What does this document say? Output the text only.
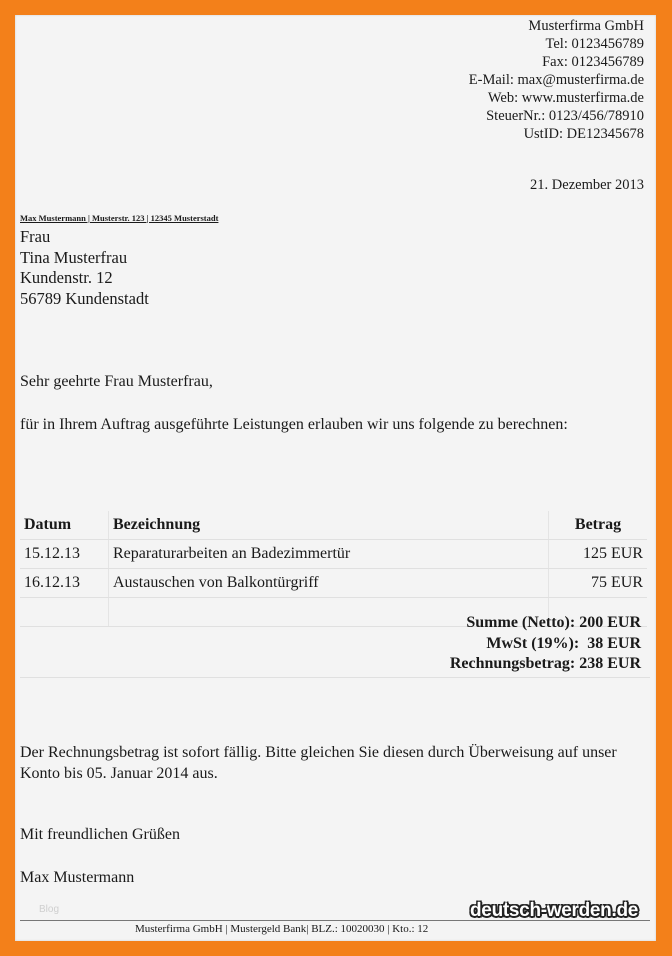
Musterfirma GmbH
Tel: 0123456789
Fax: 0123456789
E-Mail: max@musterfirma.de
Web: www.musterfirma.de
SteuerNr.: 0123/456/78910
UstID: DE12345678
21. Dezember 2013
Max Mustermann | Musterstr. 123 | 12345 Musterstadt
Frau
Tina Musterfrau
Kundenstr. 12
56789 Kundenstadt
Sehr geehrte Frau Musterfrau,
für in Ihrem Auftrag ausgeführte Leistungen erlauben wir uns folgende zu berechnen:
Datum	Bezeichnung	Betrag
15.12.13	Reparaturarbeiten an Badezimmertür	125 EUR
16.12.13	Austauschen von Balkontürgriff	75 EUR

Summe (Netto): 200 EUR
MwSt (19%):  38 EUR
Rechnungsbetrag: 238 EUR
Der Rechnungsbetrag ist sofort fällig. Bitte gleichen Sie diesen durch Überweisung auf unser Konto bis 05. Januar 2014 aus.
Mit freundlichen Grüßen
Max Mustermann
Blog
Musterfirma GmbH | Mustergeld Bank| BLZ.: 10020030 | Kto.: 12
deutsch-werden.de
